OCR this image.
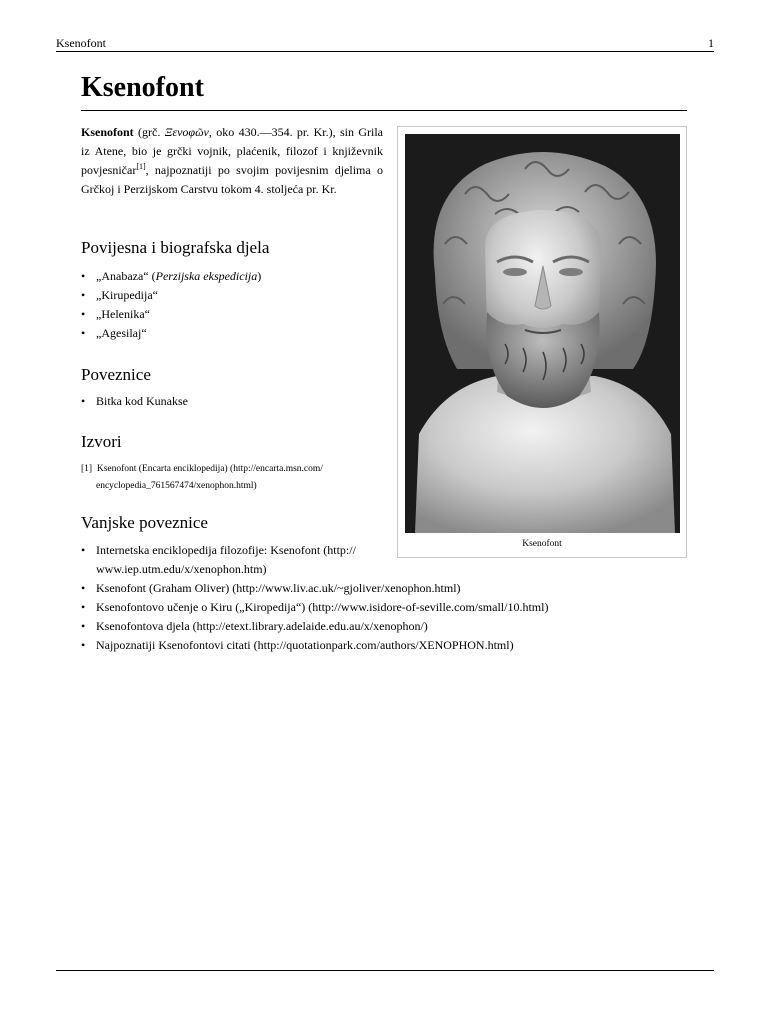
Ksenofont	1
Ksenofont

Ksenofont (grč. Ξενοφῶν, oko 430.—354. pr. Kr.), sin Grila iz Atene, bio je grčki vojnik, plaćenik, filozof i književnik povjesničar[1], najpoznatiji po svojim povijesnim djelima o Grčkoj i Perzijskom Carstvu tokom 4. stoljeća pr. Kr.

Povijesna i biografska djela
• „Anabaza“ (Perzijska ekspedicija)
• „Kirupedija“
• „Helenika“
• „Agesilaj“
Poveznice
• Bitka kod Kunakse
Izvori
[1] Ksenofont (Encarta enciklopedija) (http://encarta.msn.com/
encyclopedia_761567474/xenophon.html)
Vanjske poveznice
• Internetska enciklopedija filozofije: Ksenofont (http://
www.iep.utm.edu/x/xenophon.htm)
• Ksenofont (Graham Oliver) (http://www.liv.ac.uk/~gjoliver/xenophon.html)
• Ksenofontovo učenje o Kiru („Kiropedija“) (http://www.isidore-of-seville.com/small/10.html)
• Ksenofontova djela (http://etext.library.adelaide.edu.au/x/xenophon/)
• Najpoznatiji Ksenofontovi citati (http://quotationpark.com/authors/XENOPHON.html)
Ksenofont
